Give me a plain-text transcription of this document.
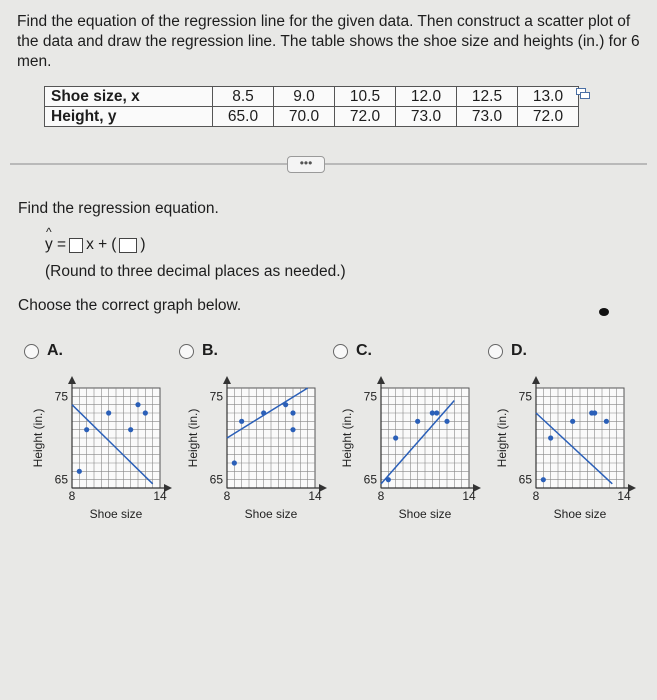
Find the equation of the regression line for the given data. Then construct a scatter plot of the data and draw the regression line. The table shows the shoe size and heights (in.) for 6 men.
Shoe size, x	8.5	9.0	10.5	12.0	12.5	13.0
Height, y	65.0	70.0	72.0	73.0	73.0	72.0
•••
Find the regression equation.
^ y = x + ( )
(Round to three decimal places as needed.)
Choose the correct graph below.
A.	B.	C.	D.
75
65
8	14
Shoe size
Height (in.)
75
65
8	14
Shoe size
Height (in.)
75
65
8	14
Shoe size
Height (in.)
75
65
8	14
Shoe size
Height (in.)
